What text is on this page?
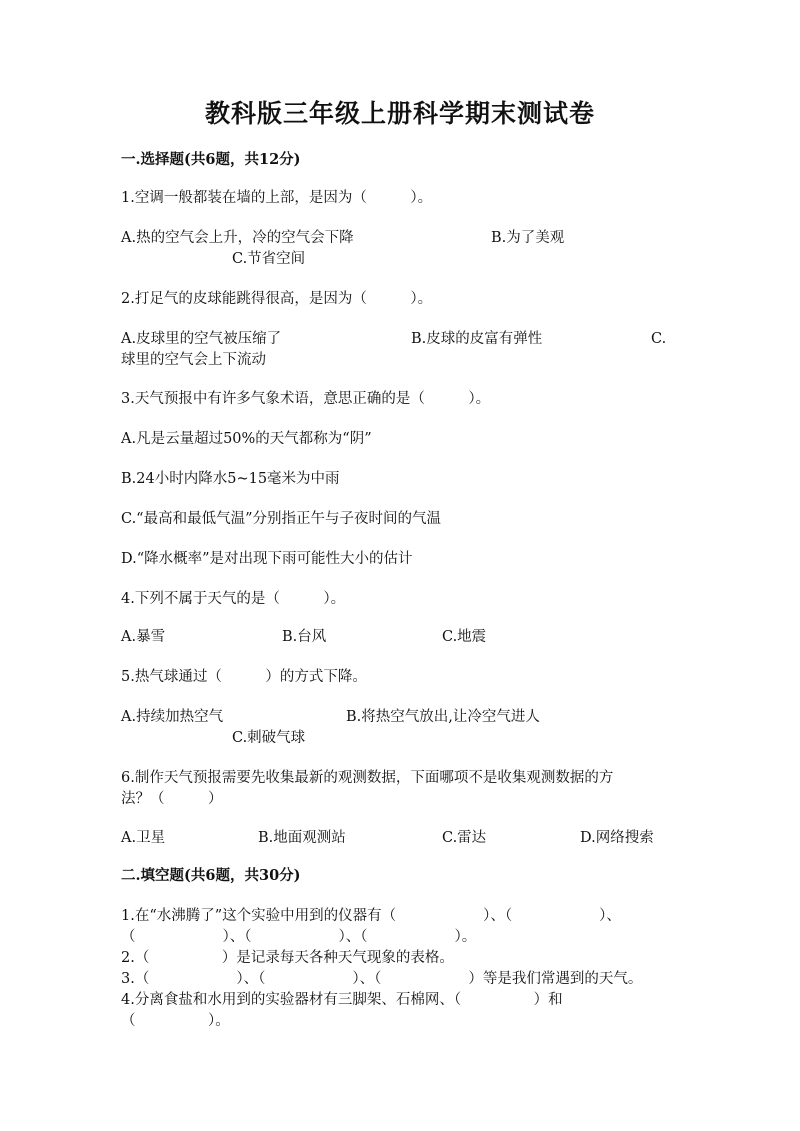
教科版三年级上册科学期末测试卷
一.选择题(共6题，共12分)
1.空调一般都装在墙的上部，是因为（　　　）。
A.热的空气会上升，冷的空气会下降	B.为了美观
C.节省空间
2.打足气的皮球能跳得很高，是因为（　　　）。
A.皮球里的空气被压缩了	B.皮球的皮富有弹性	C.
球里的空气会上下流动
3.天气预报中有许多气象术语，意思正确的是（　　　）。
A.凡是云量超过50%的天气都称为“阴”
B.24小时内降水5~15毫米为中雨
C.“最高和最低气温”分别指正午与子夜时间的气温
D.“降水概率”是对出现下雨可能性大小的估计
4.下列不属于天气的是（　　　）。
A.暴雪	B.台风	C.地震
5.热气球通过（　　　）的方式下降。
A.持续加热空气	B.将热空气放出,让冷空气进人
C.刺破气球
6.制作天气预报需要先收集最新的观测数据，下面哪项不是收集观测数据的方
法？（　　　）
A.卫星	B.地面观测站	C.雷达	D.网络搜索
二.填空题(共6题，共30分)
1.在“水沸腾了”这个实验中用到的仪器有（　　　　　　）、（　　　　　　）、
（　　　　　　）、（　　　　　　）、（　　　　　　）。
2.（　　　　　）是记录每天各种天气现象的表格。
3.（　　　　　　）、（　　　　　　）、（　　　　　　）等是我们常遇到的天气。
4.分离食盐和水用到的实验器材有三脚架、石棉网、（　　　　　）和
（　　　　　）。
